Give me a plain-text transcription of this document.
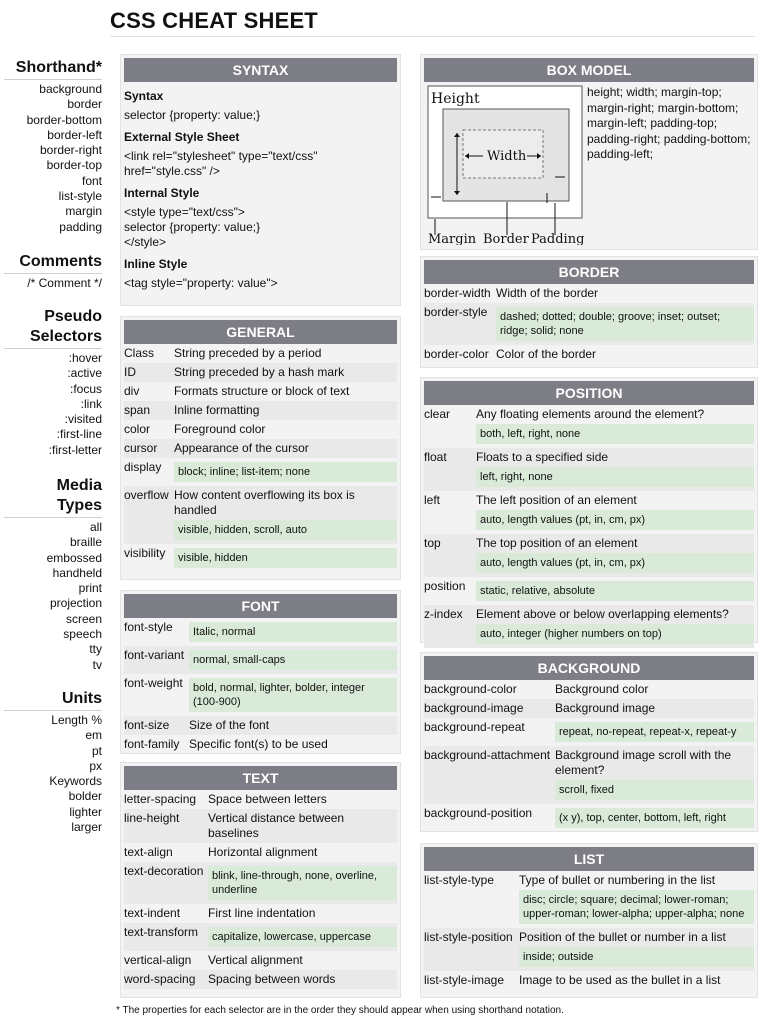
CSS CHEAT SHEET
Shorthand*
background
border
border-bottom
border-left
border-right
border-top
font
list-style
margin
padding
Comments
/* Comment */
Pseudo
Selectors
:hover
:active
:focus
:link
:visited
:first-line
:first-letter
Media
Types
all
braille
embossed
handheld
print
projection
screen
speech
tty
tv
Units
Length %
em
pt
px
Keywords
bolder
lighter
larger
SYNTAX
Syntax
selector {property: value;}
External Style Sheet
<link rel="stylesheet" type="text/css"
href="style.css" />
Internal Style
<style type="text/css">
selector {property: value;}
</style>
Inline Style
<tag style="property: value">
GENERAL
Class	String preceded by a period
ID	String preceded by a hash mark
div	Formats structure or block of text
span	Inline formatting
color	Foreground color
cursor	Appearance of the cursor
display	block; inline; list-item; none
overflow How content overflowing its box is handled
visible, hidden, scroll, auto
visibility	visible, hidden
FONT
font-style	Italic, normal
font-variant normal, small-caps
font-weight bold, normal, lighter, bolder, integer (100-900)
font-size	Size of the font
font-family Specific font(s) to be used
TEXT
letter-spacing Space between letters
line-height	Vertical distance between baselines
text-align	Horizontal alignment
text-decoration blink, line-through, none, overline, underline
text-indent	First line indentation
text-transform	capitalize, lowercase, uppercase
vertical-align	Vertical alignment
word-spacing	Spacing between words
BOX MODEL
Height
Width
Margin Border Padding
height; width; margin-top; margin-right; margin-bottom; margin-left; padding-top; padding-right; padding-bottom; padding-left;
BORDER
border-width Width of the border
border-style	dashed; dotted; double; groove; inset; outset; ridge; solid; none
border-color Color of the border
POSITION
clear	Any floating elements around the element?
both, left, right, none
float	Floats to a specified side
left, right, none
left	The left position of an element
auto, length values (pt, in, cm, px)
top	The top position of an element
auto, length values (pt, in, cm, px)
position	static, relative, absolute
z-index	Element above or below overlapping elements?
auto, integer (higher numbers on top)
BACKGROUND
background-color	Background color
background-image	Background image
background-repeat	repeat, no-repeat, repeat-x, repeat-y
background-attachment Background image scroll with the element?
scroll, fixed
background-position	(x y), top, center, bottom, left, right
LIST
list-style-type	Type of bullet or numbering in the list
disc; circle; square; decimal; lower-roman; upper-roman; lower-alpha; upper-alpha; none
list-style-position Position of the bullet or number in a list
inside; outside
list-style-image	Image to be used as the bullet in a list
* The properties for each selector are in the order they should appear when using shorthand notation.
